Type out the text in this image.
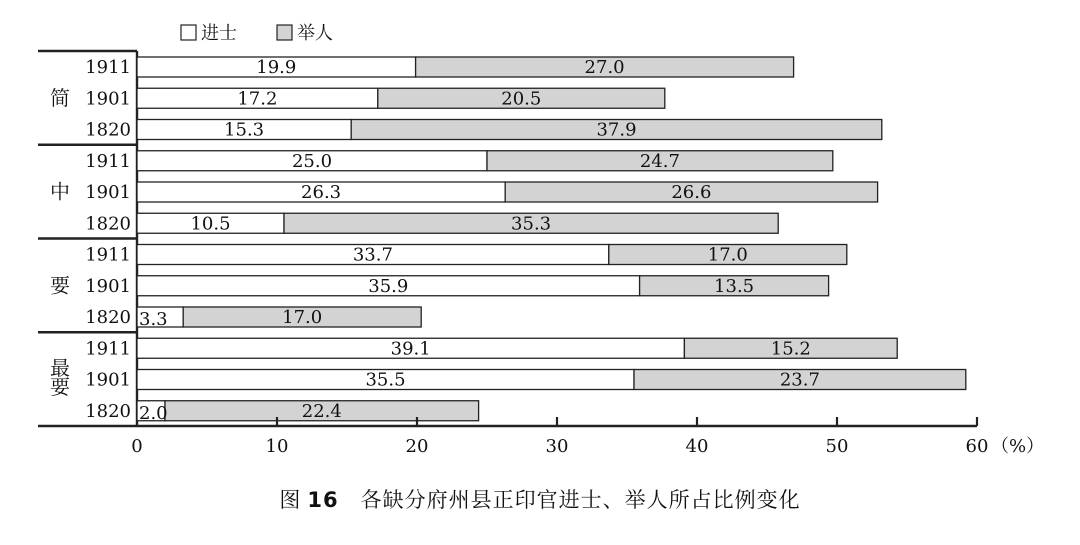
进士	举人
简
1911	19.9	27.0
1901	17.2	20.5
1820	15.3	37.9
中
1911	25.0	24.7
1901	26.3	26.6
1820	10.5	35.3
要
1911	33.7	17.0
1901	35.9	13.5
1820 3.3	17.0
最要
1911	39.1	15.2
1901	35.5	23.7
1820 2.0	22.4
0	10	20	30	40	50	60 （%）
图 16 各缺分府州县正印官进士、举人所占比例变化
